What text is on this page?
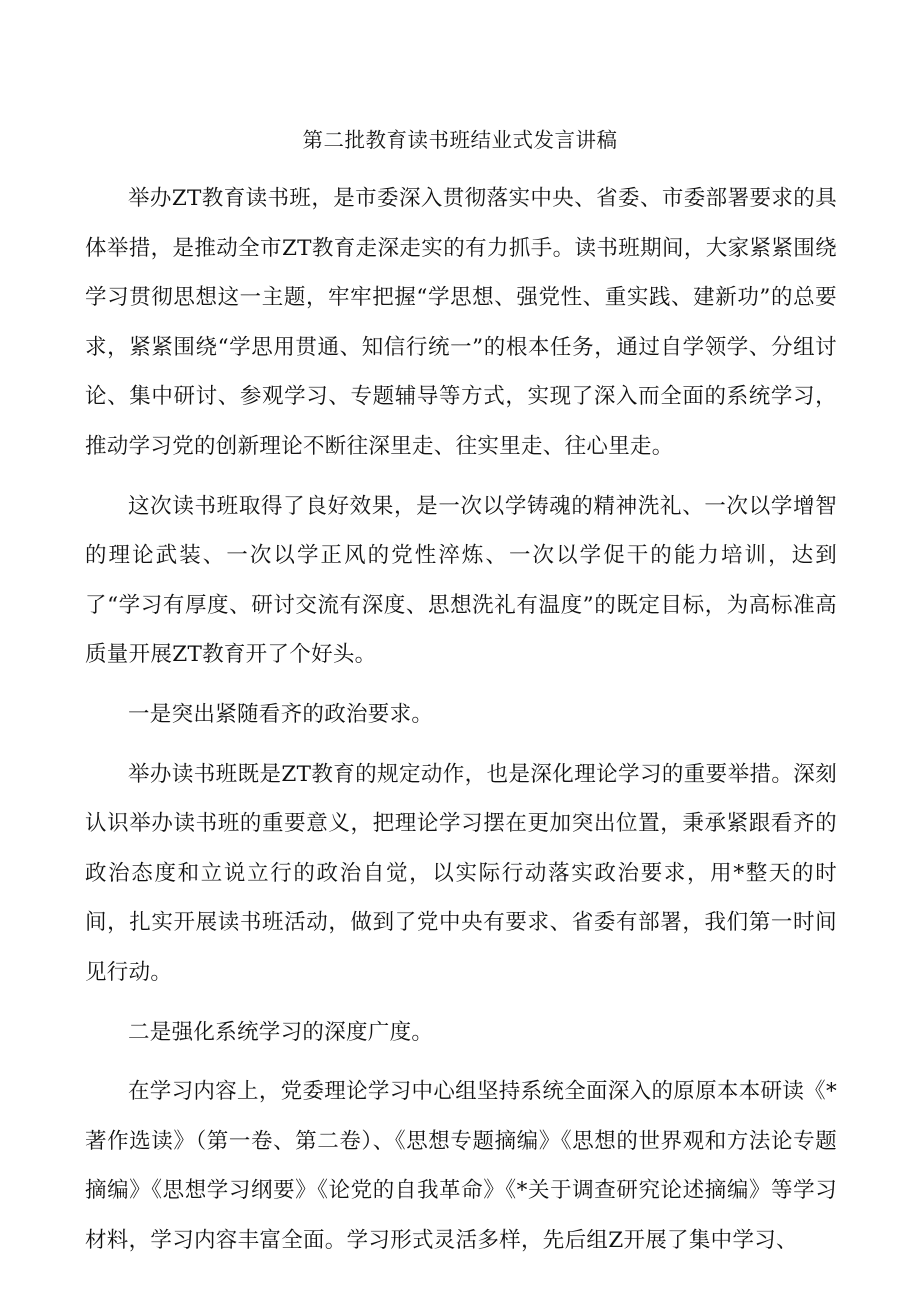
第二批教育读书班结业式发言讲稿

举办ZT教育读书班，是市委深入贯彻落实中央、省委、市委部署要求的具体举措，是推动全市ZT教育走深走实的有力抓手。读书班期间，大家紧紧围绕学习贯彻思想这一主题，牢牢把握“学思想、强党性、重实践、建新功”的总要求，紧紧围绕“学思用贯通、知信行统一”的根本任务，通过自学领学、分组讨论、集中研讨、参观学习、专题辅导等方式，实现了深入而全面的系统学习，推动学习党的创新理论不断往深里走、往实里走、往心里走。

这次读书班取得了良好效果，是一次以学铸魂的精神洗礼、一次以学增智的理论武装、一次以学正风的党性淬炼、一次以学促干的能力培训，达到了“学习有厚度、研讨交流有深度、思想洗礼有温度”的既定目标，为高标准高质量开展ZT教育开了个好头。

一是突出紧随看齐的政治要求。

举办读书班既是ZT教育的规定动作，也是深化理论学习的重要举措。深刻认识举办读书班的重要意义，把理论学习摆在更加突出位置，秉承紧跟看齐的政治态度和立说立行的政治自觉，以实际行动落实政治要求，用*整天的时间，扎实开展读书班活动，做到了党中央有要求、省委有部署，我们第一时间见行动。

二是强化系统学习的深度广度。

在学习内容上，党委理论学习中心组坚持系统全面深入的原原本本研读《*著作选读》（第一卷、第二卷）、《思想专题摘编》《思想的世界观和方法论专题摘编》《思想学习纲要》《论党的自我革命》《*关于调查研究论述摘编》等学习材料，学习内容丰富全面。学习形式灵活多样，先后组Z开展了集中学习、
